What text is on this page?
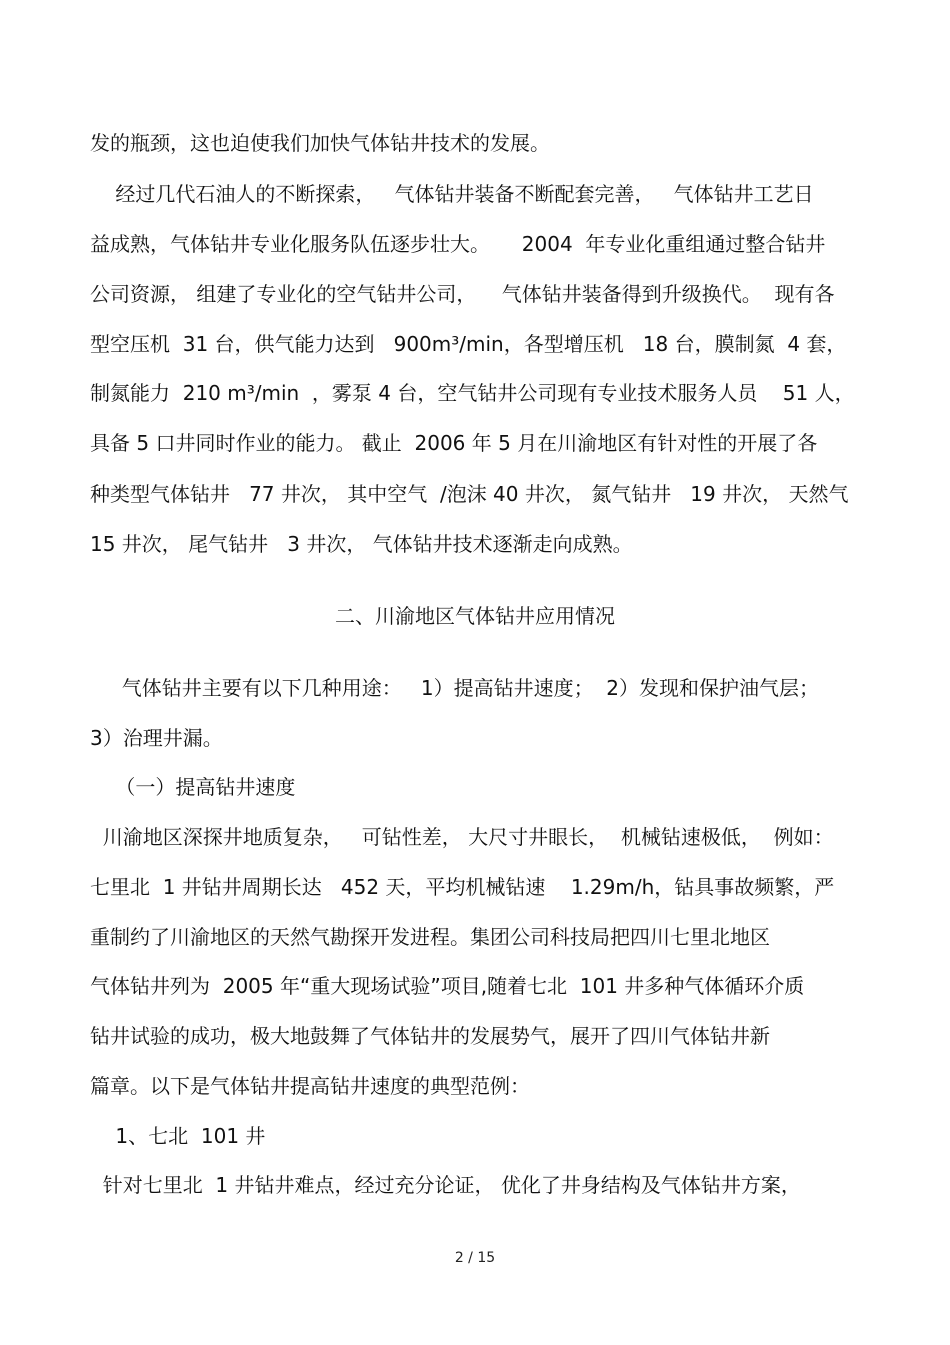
发的瓶颈，这也迫使我们加快气体钻井技术的发展。
经过几代石油人的不断探索，   气体钻井装备不断配套完善，   气体钻井工艺日
益成熟，气体钻井专业化服务队伍逐步壮大。     2004  年专业化重组通过整合钻井
公司资源， 组建了专业化的空气钻井公司，    气体钻井装备得到升级换代。  现有各
型空压机  31 台，供气能力达到   900m³/min，各型增压机   18 台，膜制氮  4 套，
制氮能力  210 m³/min  ，雾泵 4 台，空气钻井公司现有专业技术服务人员    51 人，
具备 5 口井同时作业的能力。 截止  2006 年 5 月在川渝地区有针对性的开展了各
种类型气体钻井   77 井次， 其中空气  /泡沫 40 井次， 氮气钻井   19 井次， 天然气
15 井次， 尾气钻井   3 井次， 气体钻井技术逐渐走向成熟。
二、川渝地区气体钻井应用情况
气体钻井主要有以下几种用途：   1）提高钻井速度；  2）发现和保护油气层；
3）治理井漏。
（一）提高钻井速度
川渝地区深探井地质复杂，   可钻性差， 大尺寸井眼长，  机械钻速极低，  例如：
七里北  1 井钻井周期长达   452 天，平均机械钻速    1.29m/h，钻具事故频繁，严
重制约了川渝地区的天然气勘探开发进程。集团公司科技局把四川七里北地区
气体钻井列为  2005 年“重大现场试验”项目,随着七北  101 井多种气体循环介质
钻井试验的成功，极大地鼓舞了气体钻井的发展势气，展开了四川气体钻井新
篇章。以下是气体钻井提高钻井速度的典型范例：
1、七北  101 井
针对七里北  1 井钻井难点，经过充分论证， 优化了井身结构及气体钻井方案，
2 / 15
